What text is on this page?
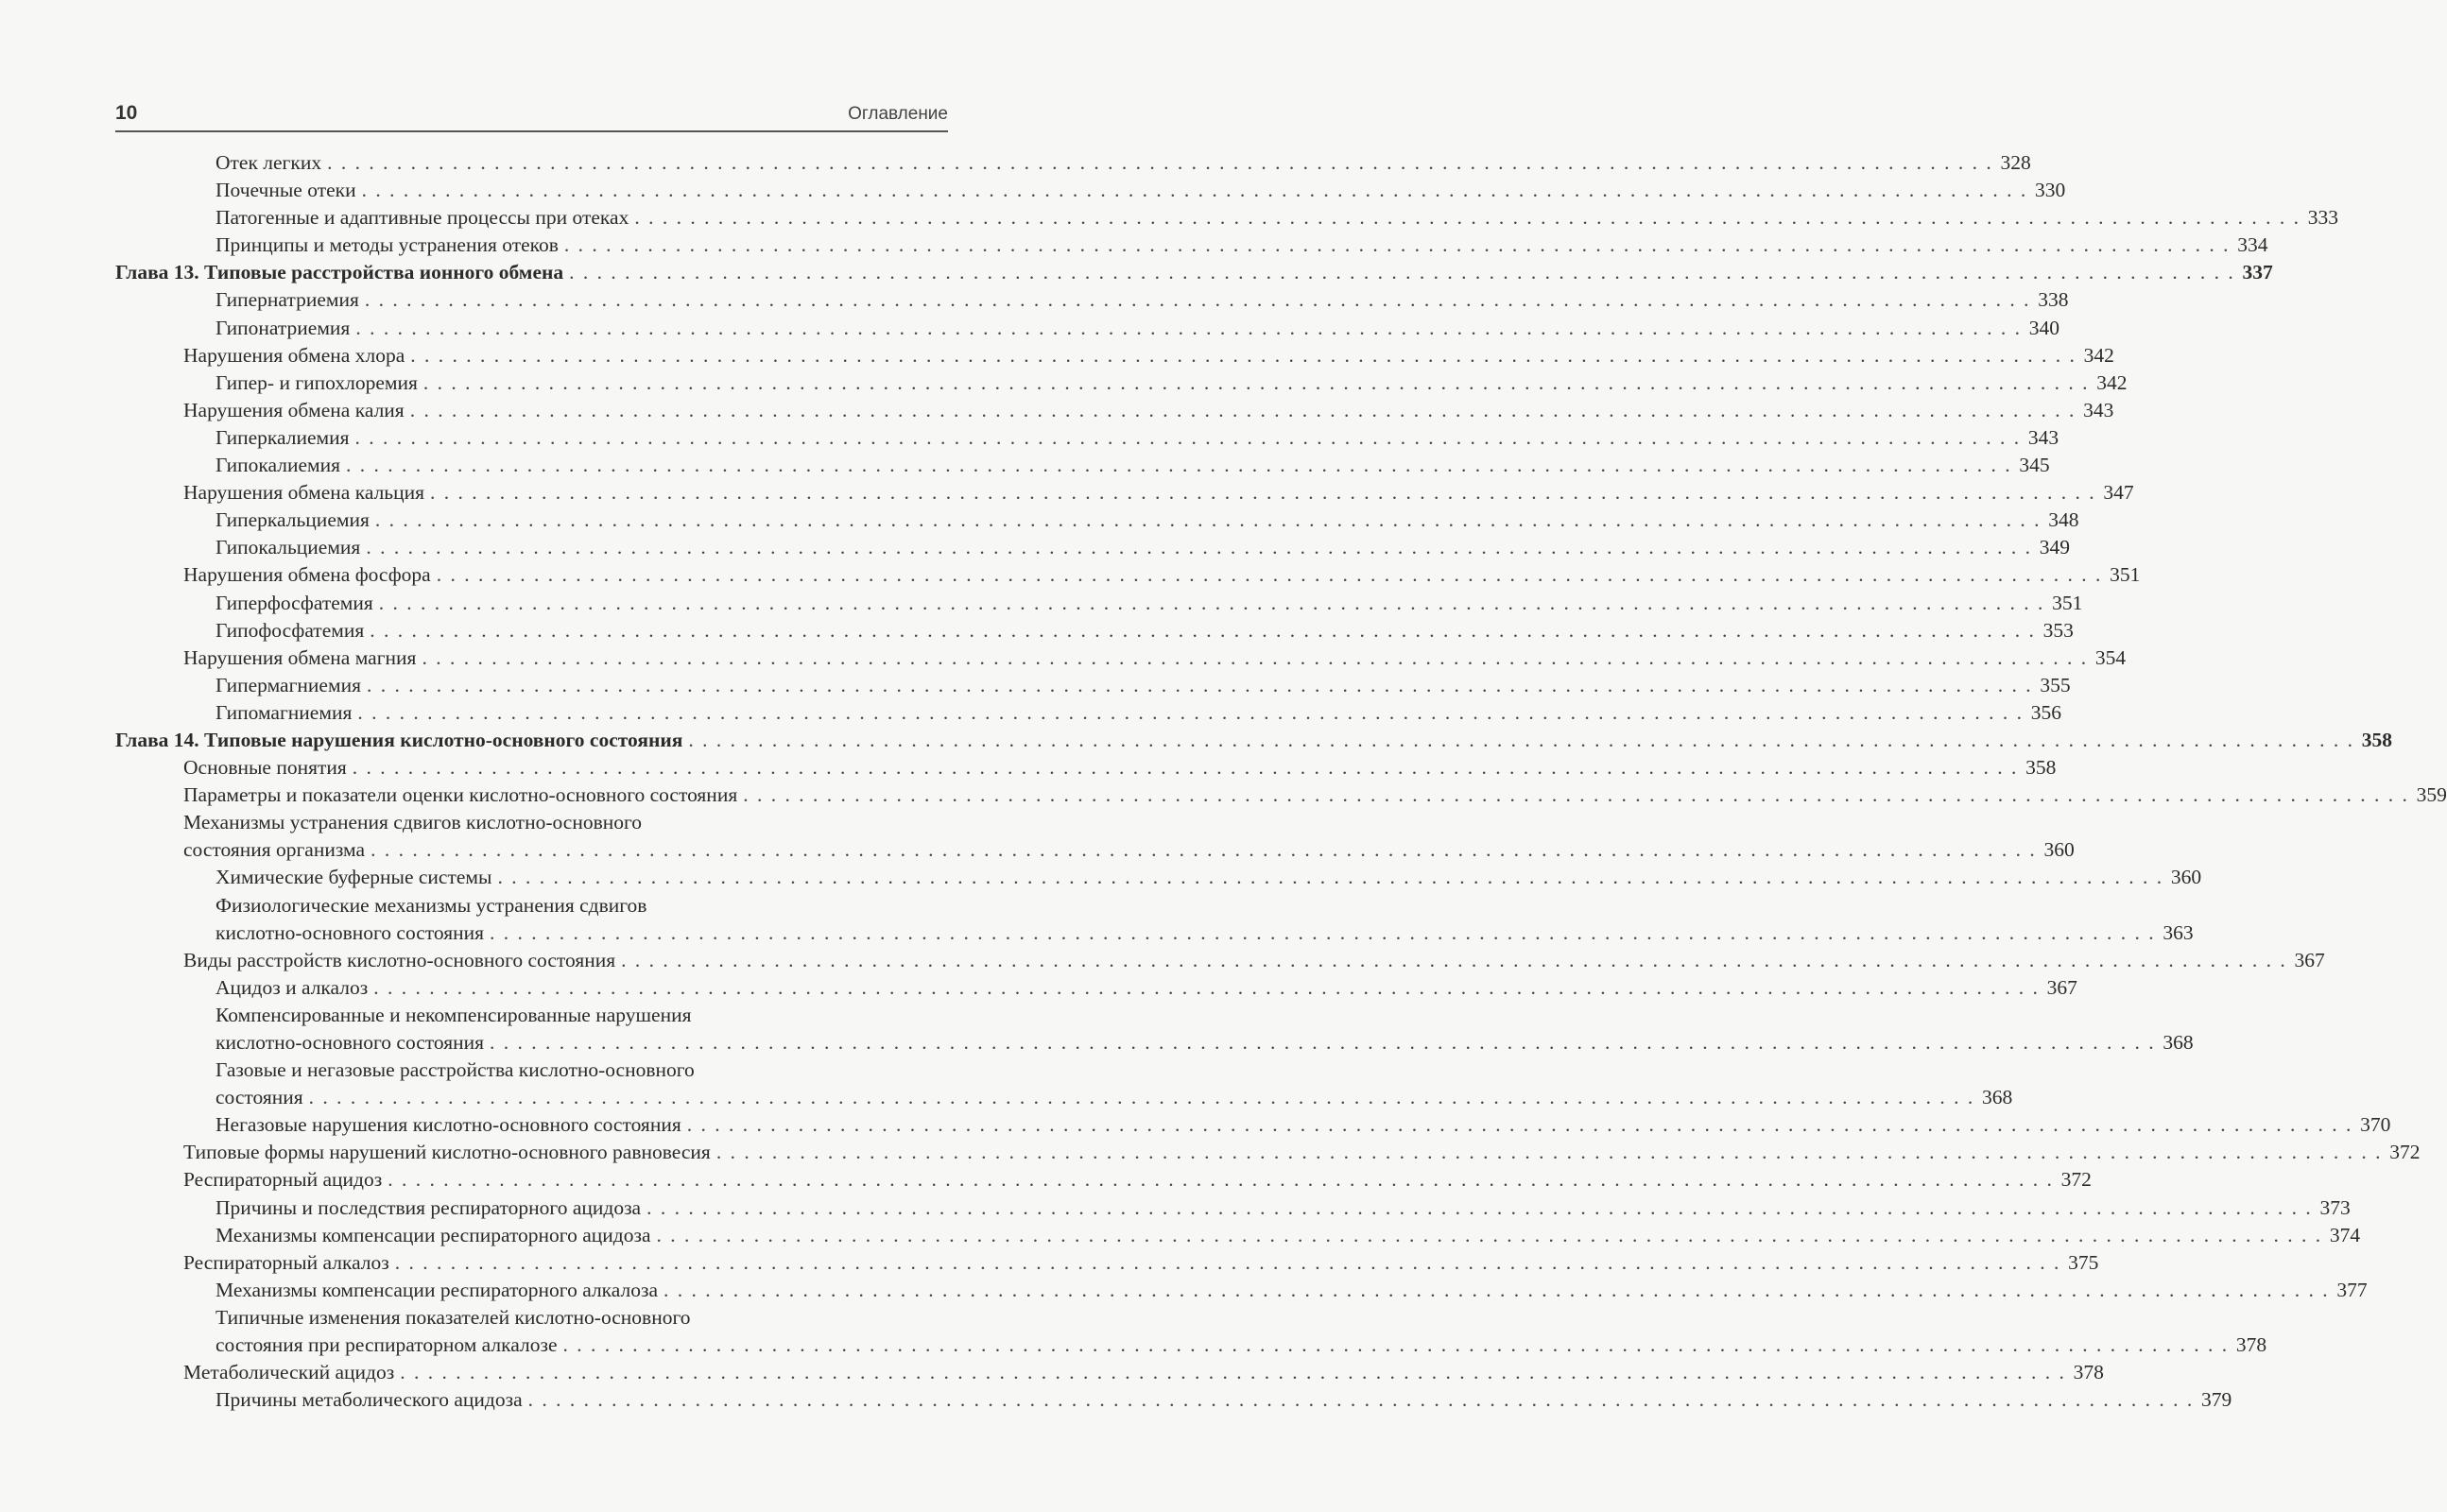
10	Оглавление
Отек легких . . . . . . . . . . . . . . . . . . . . . . . . . . . . . . . . . . . . . . . . . . . . . . . . . . . . . . . . . . . . . . . . . . . . . . . . . . . . . . . . . . . . . . . . . . . . . . . . . . . . . . . . . . . . . . . . . . . . . . . . 328
Почечные отеки . . . . . . . . . . . . . . . . . . . . . . . . . . . . . . . . . . . . . . . . . . . . . . . . . . . . . . . . . . . . . . . . . . . . . . . . . . . . . . . . . . . . . . . . . . . . . . . . . . . . . . . . . . . . . . . . . . . . . . . . 330
Патогенные и адаптивные процессы при отеках . . . . . . . . . . . . . . . . . . . . . . . . . . . . . . . . . . . . . . . . . . . . . . . . . . . . . . . . . . . . . . . . . . . . . . . . . . . . . . . . . . . . . . . . . . . . . . . . . . . . . . . . . . . . . . . . . . . . . . . . 333
Принципы и методы устранения отеков . . . . . . . . . . . . . . . . . . . . . . . . . . . . . . . . . . . . . . . . . . . . . . . . . . . . . . . . . . . . . . . . . . . . . . . . . . . . . . . . . . . . . . . . . . . . . . . . . . . . . . . . . . . . . . . . . . . . . . . . 334
Глава 13. Типовые расстройства ионного обмена . . . . . . . . . . . . . . . . . . . . . . . . . . . . . . . . . . . . . . . . . . . . . . . . . . . . . . . . . . . . . . . . . . . . . . . . . . . . . . . . . . . . . . . . . . . . . . . . . . . . . . . . . . . . . . . . . . . . . . . . 337
Гипернатриемия . . . . . . . . . . . . . . . . . . . . . . . . . . . . . . . . . . . . . . . . . . . . . . . . . . . . . . . . . . . . . . . . . . . . . . . . . . . . . . . . . . . . . . . . . . . . . . . . . . . . . . . . . . . . . . . . . . . . . . . . 338
Гипонатриемия . . . . . . . . . . . . . . . . . . . . . . . . . . . . . . . . . . . . . . . . . . . . . . . . . . . . . . . . . . . . . . . . . . . . . . . . . . . . . . . . . . . . . . . . . . . . . . . . . . . . . . . . . . . . . . . . . . . . . . . . 340
Нарушения обмена хлора . . . . . . . . . . . . . . . . . . . . . . . . . . . . . . . . . . . . . . . . . . . . . . . . . . . . . . . . . . . . . . . . . . . . . . . . . . . . . . . . . . . . . . . . . . . . . . . . . . . . . . . . . . . . . . . . . . . . . . . . 342
Гипер- и гипохлоремия . . . . . . . . . . . . . . . . . . . . . . . . . . . . . . . . . . . . . . . . . . . . . . . . . . . . . . . . . . . . . . . . . . . . . . . . . . . . . . . . . . . . . . . . . . . . . . . . . . . . . . . . . . . . . . . . . . . . . . . . 342
Нарушения обмена калия . . . . . . . . . . . . . . . . . . . . . . . . . . . . . . . . . . . . . . . . . . . . . . . . . . . . . . . . . . . . . . . . . . . . . . . . . . . . . . . . . . . . . . . . . . . . . . . . . . . . . . . . . . . . . . . . . . . . . . . . 343
Гиперкалиемия . . . . . . . . . . . . . . . . . . . . . . . . . . . . . . . . . . . . . . . . . . . . . . . . . . . . . . . . . . . . . . . . . . . . . . . . . . . . . . . . . . . . . . . . . . . . . . . . . . . . . . . . . . . . . . . . . . . . . . . . 343
Гипокалиемия . . . . . . . . . . . . . . . . . . . . . . . . . . . . . . . . . . . . . . . . . . . . . . . . . . . . . . . . . . . . . . . . . . . . . . . . . . . . . . . . . . . . . . . . . . . . . . . . . . . . . . . . . . . . . . . . . . . . . . . . 345
Нарушения обмена кальция . . . . . . . . . . . . . . . . . . . . . . . . . . . . . . . . . . . . . . . . . . . . . . . . . . . . . . . . . . . . . . . . . . . . . . . . . . . . . . . . . . . . . . . . . . . . . . . . . . . . . . . . . . . . . . . . . . . . . . . . 347
Гиперкальциемия . . . . . . . . . . . . . . . . . . . . . . . . . . . . . . . . . . . . . . . . . . . . . . . . . . . . . . . . . . . . . . . . . . . . . . . . . . . . . . . . . . . . . . . . . . . . . . . . . . . . . . . . . . . . . . . . . . . . . . . . 348
Гипокальциемия . . . . . . . . . . . . . . . . . . . . . . . . . . . . . . . . . . . . . . . . . . . . . . . . . . . . . . . . . . . . . . . . . . . . . . . . . . . . . . . . . . . . . . . . . . . . . . . . . . . . . . . . . . . . . . . . . . . . . . . . 349
Нарушения обмена фосфора . . . . . . . . . . . . . . . . . . . . . . . . . . . . . . . . . . . . . . . . . . . . . . . . . . . . . . . . . . . . . . . . . . . . . . . . . . . . . . . . . . . . . . . . . . . . . . . . . . . . . . . . . . . . . . . . . . . . . . . . 351
Гиперфосфатемия . . . . . . . . . . . . . . . . . . . . . . . . . . . . . . . . . . . . . . . . . . . . . . . . . . . . . . . . . . . . . . . . . . . . . . . . . . . . . . . . . . . . . . . . . . . . . . . . . . . . . . . . . . . . . . . . . . . . . . . . 351
Гипофосфатемия . . . . . . . . . . . . . . . . . . . . . . . . . . . . . . . . . . . . . . . . . . . . . . . . . . . . . . . . . . . . . . . . . . . . . . . . . . . . . . . . . . . . . . . . . . . . . . . . . . . . . . . . . . . . . . . . . . . . . . . . 353
Нарушения обмена магния . . . . . . . . . . . . . . . . . . . . . . . . . . . . . . . . . . . . . . . . . . . . . . . . . . . . . . . . . . . . . . . . . . . . . . . . . . . . . . . . . . . . . . . . . . . . . . . . . . . . . . . . . . . . . . . . . . . . . . . . 354
Гипермагниемия . . . . . . . . . . . . . . . . . . . . . . . . . . . . . . . . . . . . . . . . . . . . . . . . . . . . . . . . . . . . . . . . . . . . . . . . . . . . . . . . . . . . . . . . . . . . . . . . . . . . . . . . . . . . . . . . . . . . . . . . 355
Гипомагниемия . . . . . . . . . . . . . . . . . . . . . . . . . . . . . . . . . . . . . . . . . . . . . . . . . . . . . . . . . . . . . . . . . . . . . . . . . . . . . . . . . . . . . . . . . . . . . . . . . . . . . . . . . . . . . . . . . . . . . . . . 356
Глава 14. Типовые нарушения кислотно-основного состояния . . . . . . . . . . . . . . . . . . . . . . . . . . . . . . . . . . . . . . . . . . . . . . . . . . . . . . . . . . . . . . . . . . . . . . . . . . . . . . . . . . . . . . . . . . . . . . . . . . . . . . . . . . . . . . . . . . . . . . . . 358
Основные понятия . . . . . . . . . . . . . . . . . . . . . . . . . . . . . . . . . . . . . . . . . . . . . . . . . . . . . . . . . . . . . . . . . . . . . . . . . . . . . . . . . . . . . . . . . . . . . . . . . . . . . . . . . . . . . . . . . . . . . . . . 358
Параметры и показатели оценки кислотно-основного состояния . . . . . . . . . . . . . . . . . . . . . . . . . . . . . . . . . . . . . . . . . . . . . . . . . . . . . . . . . . . . . . . . . . . . . . . . . . . . . . . . . . . . . . . . . . . . . . . . . . . . . . . . . . . . . . . . . . . . . . . . 359
Механизмы устранения сдвигов кислотно-основного
состояния организма . . . . . . . . . . . . . . . . . . . . . . . . . . . . . . . . . . . . . . . . . . . . . . . . . . . . . . . . . . . . . . . . . . . . . . . . . . . . . . . . . . . . . . . . . . . . . . . . . . . . . . . . . . . . . . . . . . . . . . . . 360
Химические буферные системы . . . . . . . . . . . . . . . . . . . . . . . . . . . . . . . . . . . . . . . . . . . . . . . . . . . . . . . . . . . . . . . . . . . . . . . . . . . . . . . . . . . . . . . . . . . . . . . . . . . . . . . . . . . . . . . . . . . . . . . . 360
Физиологические механизмы устранения сдвигов
кислотно-основного состояния . . . . . . . . . . . . . . . . . . . . . . . . . . . . . . . . . . . . . . . . . . . . . . . . . . . . . . . . . . . . . . . . . . . . . . . . . . . . . . . . . . . . . . . . . . . . . . . . . . . . . . . . . . . . . . . . . . . . . . . . 363
Виды расстройств кислотно-основного состояния . . . . . . . . . . . . . . . . . . . . . . . . . . . . . . . . . . . . . . . . . . . . . . . . . . . . . . . . . . . . . . . . . . . . . . . . . . . . . . . . . . . . . . . . . . . . . . . . . . . . . . . . . . . . . . . . . . . . . . . . 367
Ацидоз и алкалоз . . . . . . . . . . . . . . . . . . . . . . . . . . . . . . . . . . . . . . . . . . . . . . . . . . . . . . . . . . . . . . . . . . . . . . . . . . . . . . . . . . . . . . . . . . . . . . . . . . . . . . . . . . . . . . . . . . . . . . . . 367
Компенсированные и некомпенсированные нарушения
кислотно-основного состояния . . . . . . . . . . . . . . . . . . . . . . . . . . . . . . . . . . . . . . . . . . . . . . . . . . . . . . . . . . . . . . . . . . . . . . . . . . . . . . . . . . . . . . . . . . . . . . . . . . . . . . . . . . . . . . . . . . . . . . . . 368
Газовые и негазовые расстройства кислотно-основного
состояния . . . . . . . . . . . . . . . . . . . . . . . . . . . . . . . . . . . . . . . . . . . . . . . . . . . . . . . . . . . . . . . . . . . . . . . . . . . . . . . . . . . . . . . . . . . . . . . . . . . . . . . . . . . . . . . . . . . . . . . . 368
Негазовые нарушения кислотно-основного состояния . . . . . . . . . . . . . . . . . . . . . . . . . . . . . . . . . . . . . . . . . . . . . . . . . . . . . . . . . . . . . . . . . . . . . . . . . . . . . . . . . . . . . . . . . . . . . . . . . . . . . . . . . . . . . . . . . . . . . . . . 370
Типовые формы нарушений кислотно-основного равновесия . . . . . . . . . . . . . . . . . . . . . . . . . . . . . . . . . . . . . . . . . . . . . . . . . . . . . . . . . . . . . . . . . . . . . . . . . . . . . . . . . . . . . . . . . . . . . . . . . . . . . . . . . . . . . . . . . . . . . . . . 372
Респираторный ацидоз . . . . . . . . . . . . . . . . . . . . . . . . . . . . . . . . . . . . . . . . . . . . . . . . . . . . . . . . . . . . . . . . . . . . . . . . . . . . . . . . . . . . . . . . . . . . . . . . . . . . . . . . . . . . . . . . . . . . . . . . 372
Причины и последствия респираторного ацидоза . . . . . . . . . . . . . . . . . . . . . . . . . . . . . . . . . . . . . . . . . . . . . . . . . . . . . . . . . . . . . . . . . . . . . . . . . . . . . . . . . . . . . . . . . . . . . . . . . . . . . . . . . . . . . . . . . . . . . . . . 373
Механизмы компенсации респираторного ацидоза . . . . . . . . . . . . . . . . . . . . . . . . . . . . . . . . . . . . . . . . . . . . . . . . . . . . . . . . . . . . . . . . . . . . . . . . . . . . . . . . . . . . . . . . . . . . . . . . . . . . . . . . . . . . . . . . . . . . . . . . 374
Респираторный алкалоз . . . . . . . . . . . . . . . . . . . . . . . . . . . . . . . . . . . . . . . . . . . . . . . . . . . . . . . . . . . . . . . . . . . . . . . . . . . . . . . . . . . . . . . . . . . . . . . . . . . . . . . . . . . . . . . . . . . . . . . . 375
Механизмы компенсации респираторного алкалоза . . . . . . . . . . . . . . . . . . . . . . . . . . . . . . . . . . . . . . . . . . . . . . . . . . . . . . . . . . . . . . . . . . . . . . . . . . . . . . . . . . . . . . . . . . . . . . . . . . . . . . . . . . . . . . . . . . . . . . . . 377
Типичные изменения показателей кислотно-основного
состояния при респираторном алкалозе . . . . . . . . . . . . . . . . . . . . . . . . . . . . . . . . . . . . . . . . . . . . . . . . . . . . . . . . . . . . . . . . . . . . . . . . . . . . . . . . . . . . . . . . . . . . . . . . . . . . . . . . . . . . . . . . . . . . . . . . 378
Метаболический ацидоз . . . . . . . . . . . . . . . . . . . . . . . . . . . . . . . . . . . . . . . . . . . . . . . . . . . . . . . . . . . . . . . . . . . . . . . . . . . . . . . . . . . . . . . . . . . . . . . . . . . . . . . . . . . . . . . . . . . . . . . . 378
Причины метаболического ацидоза . . . . . . . . . . . . . . . . . . . . . . . . . . . . . . . . . . . . . . . . . . . . . . . . . . . . . . . . . . . . . . . . . . . . . . . . . . . . . . . . . . . . . . . . . . . . . . . . . . . . . . . . . . . . . . . . . . . . . . . . 379
